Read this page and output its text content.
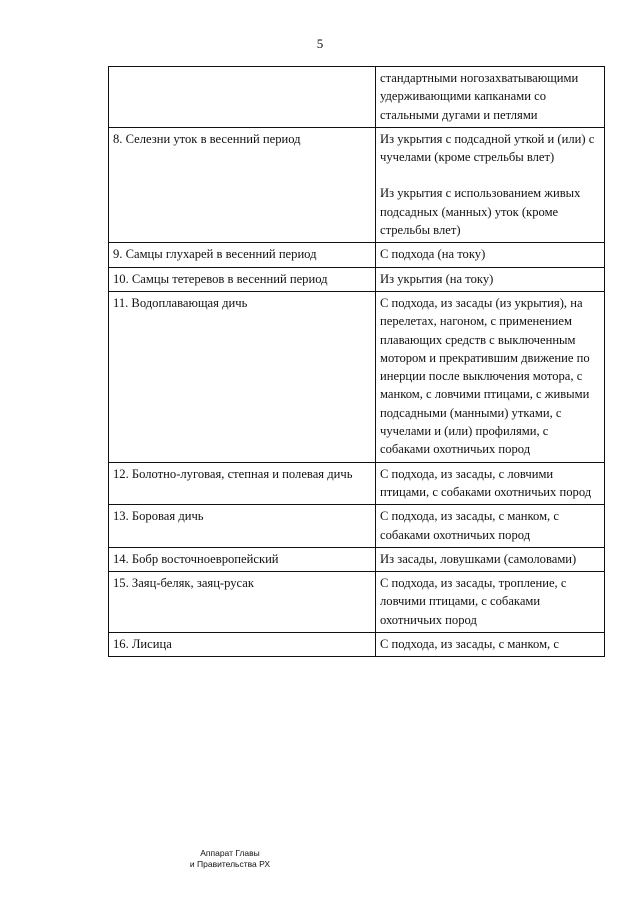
5

	стандартными ногозахватывающими удерживающими капканами со стальными дугами и петлями

8. Селезни уток в весенний период	Из укрытия с подсадной уткой и (или) с чучелами (кроме стрельбы влет)
Из укрытия с использованием живых подсадных (манных) уток (кроме стрельбы влет)

9. Самцы глухарей в весенний период	С подхода (на току)

10. Самцы тетеревов в весенний период	Из укрытия (на току)

11. Водоплавающая дичь	С подхода, из засады (из укрытия), на перелетах, нагоном, с применением плавающих средств с выключенным мотором и прекратившим движение по инерции после выключения мотора, с манком, с ловчими птицами, с живыми подсадными (манными) утками, с чучелами и (или) профилями, с собаками охотничьих пород

12. Болотно-луговая, степная и полевая дичь	С подхода, из засады, с ловчими птицами, с собаками охотничьих пород

13. Боровая дичь	С подхода, из засады, с манком, с собаками охотничьих пород

14. Бобр восточноевропейский	Из засады, ловушками (самоловами)

15. Заяц-беляк, заяц-русак	С подхода, из засады, тропление, с ловчими птицами, с собаками охотничьих пород

16. Лисица	С подхода, из засады, с манком, с
Аппарат Главы
и Правительства РХ
